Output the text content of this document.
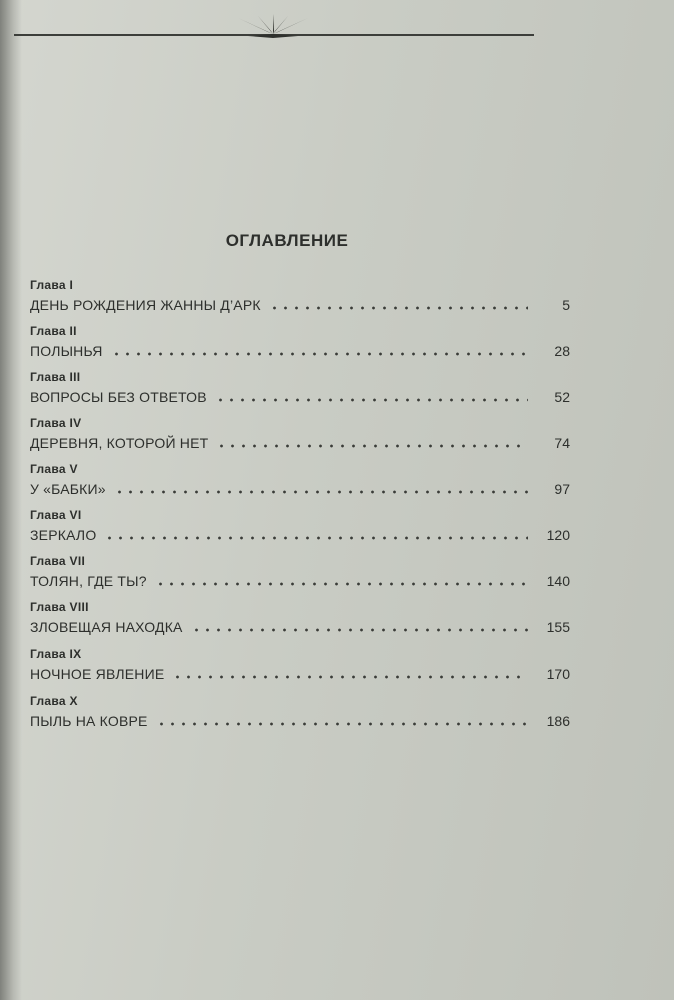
ОГЛАВЛЕНИЕ
Глава I
ДЕНЬ РОЖДЕНИЯ ЖАННЫ Д’АРК	5
Глава II
ПОЛЫНЬЯ	28
Глава III
ВОПРОСЫ БЕЗ ОТВЕТОВ	52
Глава IV
ДЕРЕВНЯ, КОТОРОЙ НЕТ	74
Глава V
У «БАБКИ»	97
Глава VI
ЗЕРКАЛО	120
Глава VII
ТОЛЯН, ГДЕ ТЫ?	140
Глава VIII
ЗЛОВЕЩАЯ НАХОДКА	155
Глава IX
НОЧНОЕ ЯВЛЕНИЕ	170
Глава X
ПЫЛЬ НА КОВРЕ	186
